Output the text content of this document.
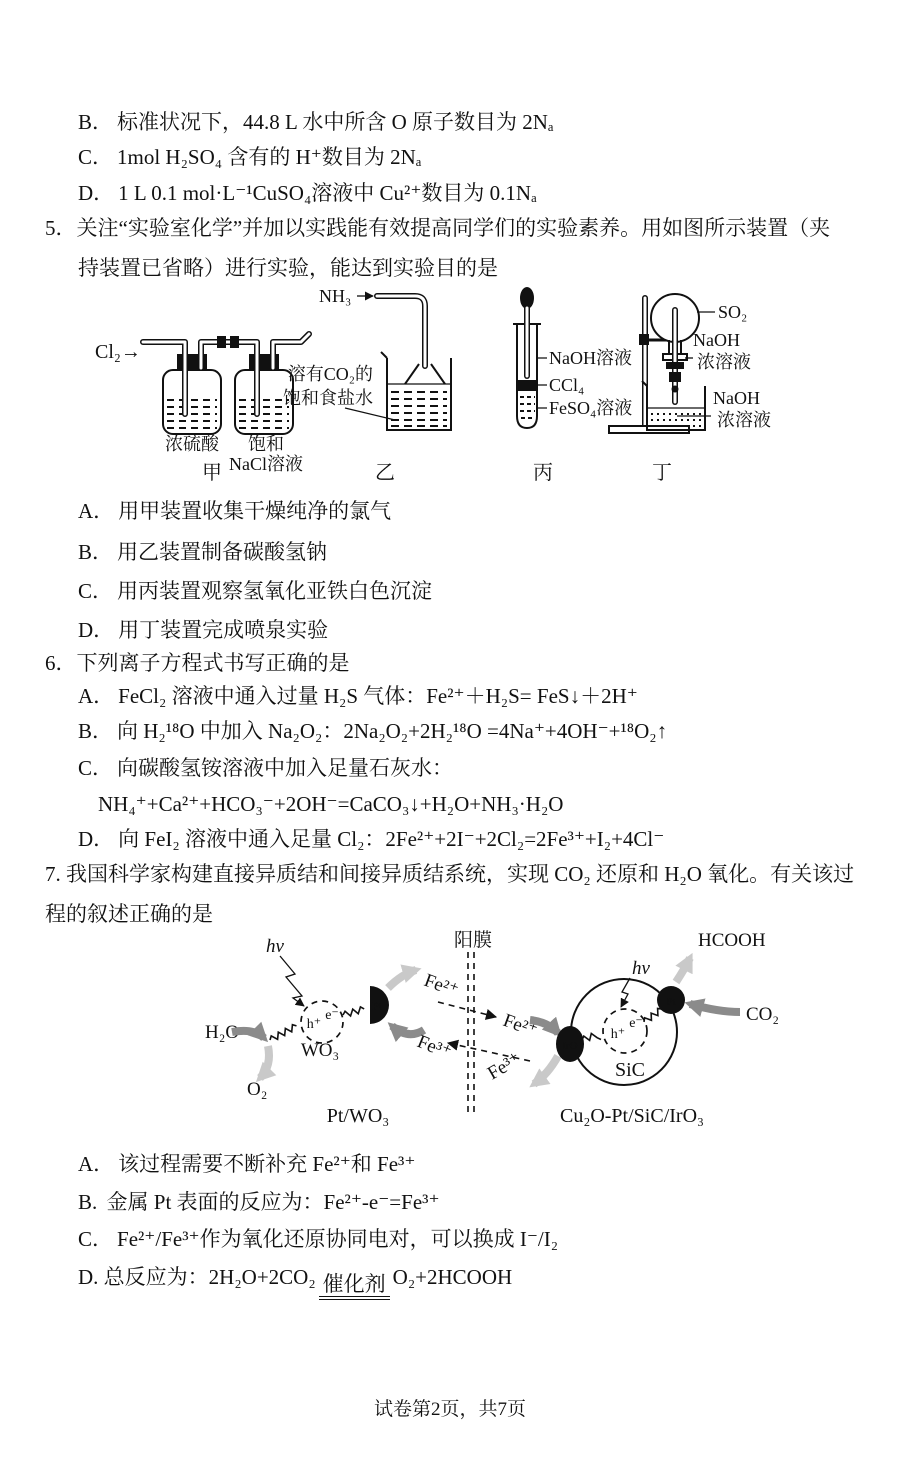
B． 标准状况下，44.8 L 水中所含 O 原子数目为 2Nₐ
C． 1mol H₂SO₄ 含有的 H⁺数目为 2Nₐ
D． 1 L 0.1 mol·L⁻¹CuSO₄溶液中 Cu²⁺数目为 0.1Nₐ
5．关注“实验室化学”并加以实践能有效提高同学们的实验素养。用如图所示装置（夹
持装置已省略）进行实验，能达到实验目的是
Cl₂→
浓硫酸 饱和
NaCl溶液
甲
NH₃
溶有CO₂的
饱和食盐水
乙
NaOH溶液
CCl₄
FeSO₄溶液
丙
SO₂
NaOH
浓溶液
NaOH
浓溶液
丁
A． 用甲装置收集干燥纯净的氯气
B． 用乙装置制备碳酸氢钠
C． 用丙装置观察氢氧化亚铁白色沉淀
D． 用丁装置完成喷泉实验
6．下列离子方程式书写正确的是
A． FeCl₂ 溶液中通入过量 H₂S 气体：Fe²⁺＋H₂S= FeS↓＋2H⁺
B． 向 H₂¹⁸O 中加入 Na₂O₂：2Na₂O₂+2H₂¹⁸O =4Na⁺+4OH⁻+¹⁸O₂↑
C． 向碳酸氢铵溶液中加入足量石灰水：
NH₄⁺+Ca²⁺+HCO₃⁻+2OH⁻=CaCO₃↓+H₂O+NH₃·H₂O
D． 向 FeI₂ 溶液中通入足量 Cl₂：2Fe²⁺+2I⁻+2Cl₂=2Fe³⁺+I₂+4Cl⁻
7. 我国科学家构建直接异质结和间接异质结系统，实现 CO₂ 还原和 H₂O 氧化。有关该过
程的叙述正确的是
hv
h⁺
e⁻
WO₃
H₂O
O₂
Pt
Fe²⁺
Fe³⁺
Pt/WO₃
阳膜
Fe²⁺
Fe³⁺
IrO
h⁺
e⁻
SiC
hv
Pt
HCOOH
CO₂
Cu₂O-Pt/SiC/IrO₃
A． 该过程需要不断补充 Fe²⁺和 Fe³⁺
B. 金属 Pt 表面的反应为：Fe²⁺-e⁻=Fe³⁺
C． Fe²⁺/Fe³⁺作为氧化还原协同电对，可以换成 I⁻/I₂
D. 总反应为：2H₂O+2CO₂ 催化剂 O₂+2HCOOH
试卷第2页，共7页
